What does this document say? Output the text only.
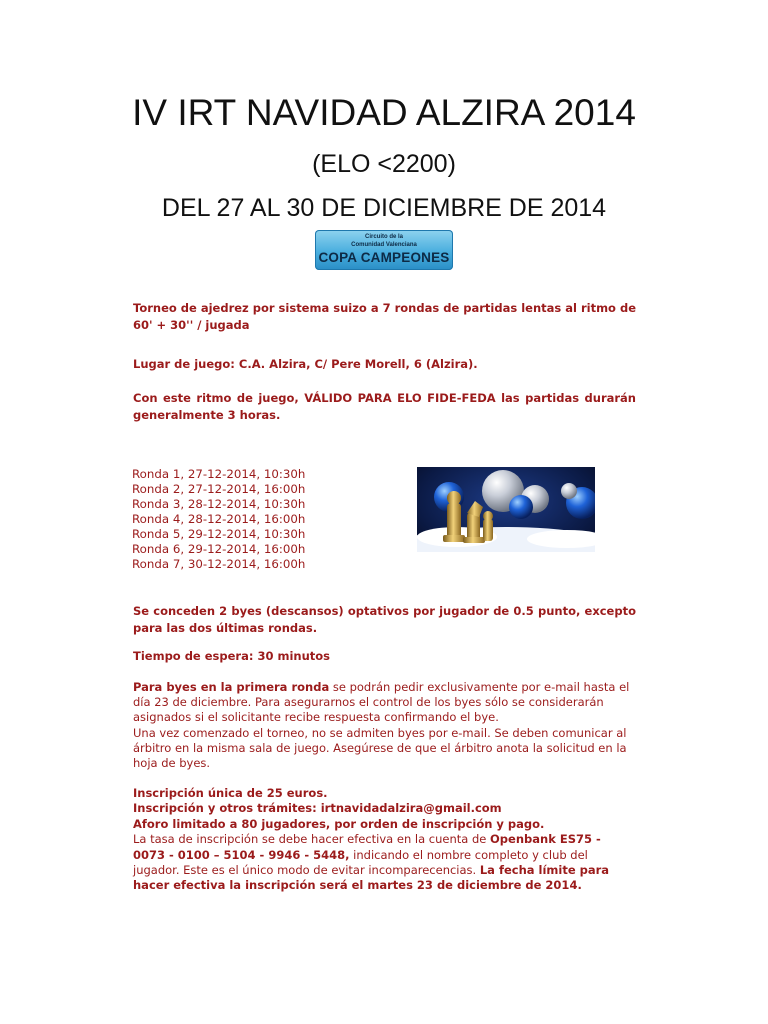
IV IRT NAVIDAD ALZIRA 2014
(ELO <2200)
DEL 27 AL 30 DE DICIEMBRE DE 2014
Circuito de la
Comunidad Valenciana
COPA CAMPEONES

Torneo de ajedrez por sistema suizo a 7 rondas de partidas lentas al ritmo de 60' + 30'' / jugada

Lugar de juego: C.A. Alzira, C/ Pere Morell, 6 (Alzira).

Con este ritmo de juego, VÁLIDO PARA ELO FIDE-FEDA las partidas durarán generalmente 3 horas.

Ronda 1, 27-12-2014, 10:30h
Ronda 2, 27-12-2014, 16:00h
Ronda 3, 28-12-2014, 10:30h
Ronda 4, 28-12-2014, 16:00h
Ronda 5, 29-12-2014, 10:30h
Ronda 6, 29-12-2014, 16:00h
Ronda 7, 30-12-2014, 16:00h

Se conceden 2 byes (descansos) optativos por jugador de 0.5 punto, excepto para las dos últimas rondas.

Tiempo de espera: 30 minutos

Para byes en la primera ronda se podrán pedir exclusivamente por e-mail hasta el día 23 de diciembre. Para asegurarnos el control de los byes sólo se considerarán asignados si el solicitante recibe respuesta confirmando el bye.
Una vez comenzado el torneo, no se admiten byes por e-mail. Se deben comunicar al árbitro en la misma sala de juego. Asegúrese de que el árbitro anota la solicitud en la hoja de byes.
Inscripción única de 25 euros.
Inscripción y otros trámites: irtnavidadalzira@gmail.com
Aforo limitado a 80 jugadores, por orden de inscripción y pago.
La tasa de inscripción se debe hacer efectiva en la cuenta de Openbank ES75 - 0073 - 0100 – 5104 - 9946 - 5448, indicando el nombre completo y club del jugador. Este es el único modo de evitar incomparecencias. La fecha límite para hacer efectiva la inscripción será el martes 23 de diciembre de 2014.
